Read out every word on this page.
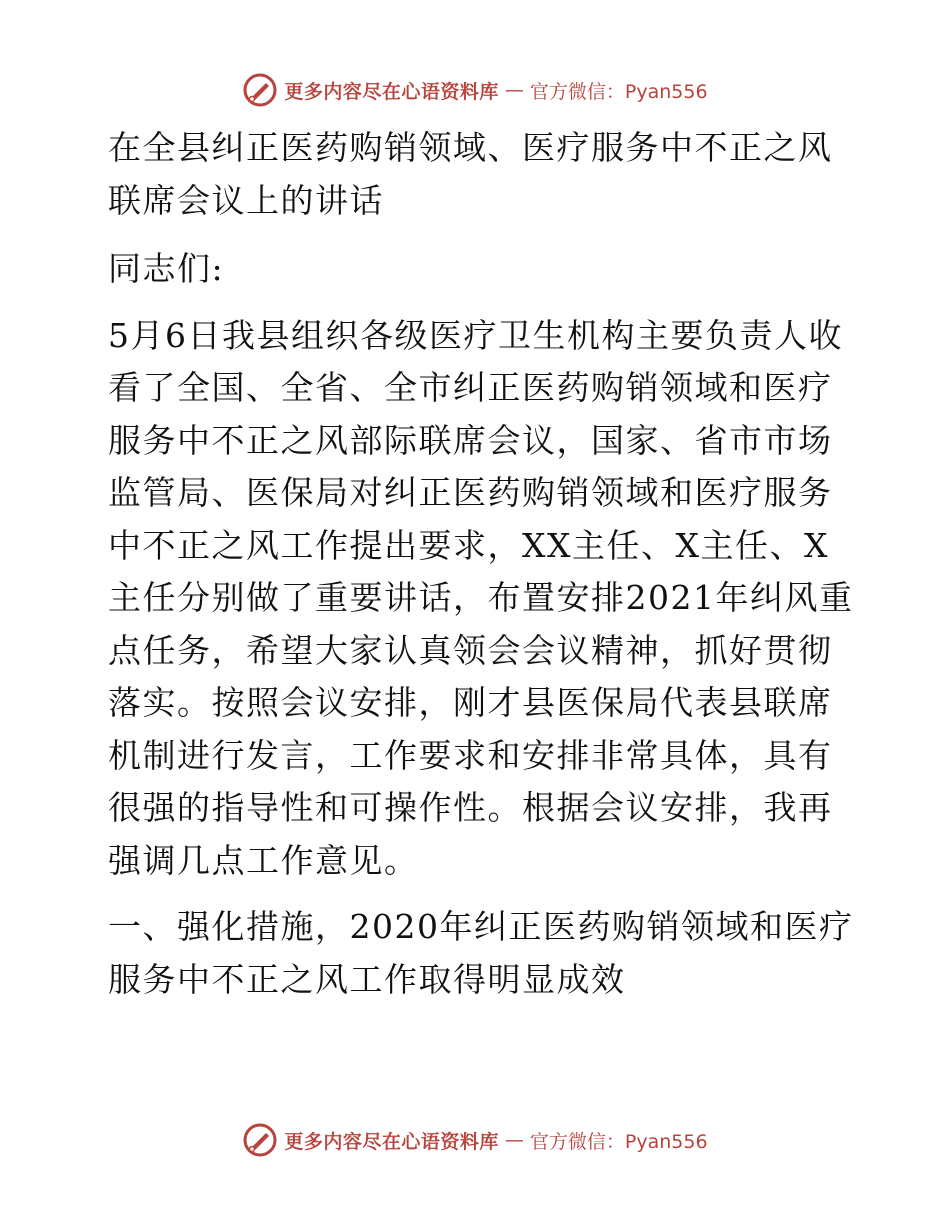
更多内容尽在心语资料库 — 官方微信：Pyan556

在全县纠正医药购销领域、医疗服务中不正之风联席会议上的讲话

同志们:

5月6日我县组织各级医疗卫生机构主要负责人收看了全国、全省、全市纠正医药购销领域和医疗服务中不正之风部际联席会议，国家、省市市场监管局、医保局对纠正医药购销领域和医疗服务中不正之风工作提出要求，XX主任、X主任、X主任分别做了重要讲话，布置安排2021年纠风重点任务，希望大家认真领会会议精神，抓好贯彻落实。按照会议安排，刚才县医保局代表县联席机制进行发言，工作要求和安排非常具体，具有很强的指导性和可操作性。根据会议安排，我再强调几点工作意见。

一、强化措施，2020年纠正医药购销领域和医疗服务中不正之风工作取得明显成效

更多内容尽在心语资料库 — 官方微信：Pyan556
